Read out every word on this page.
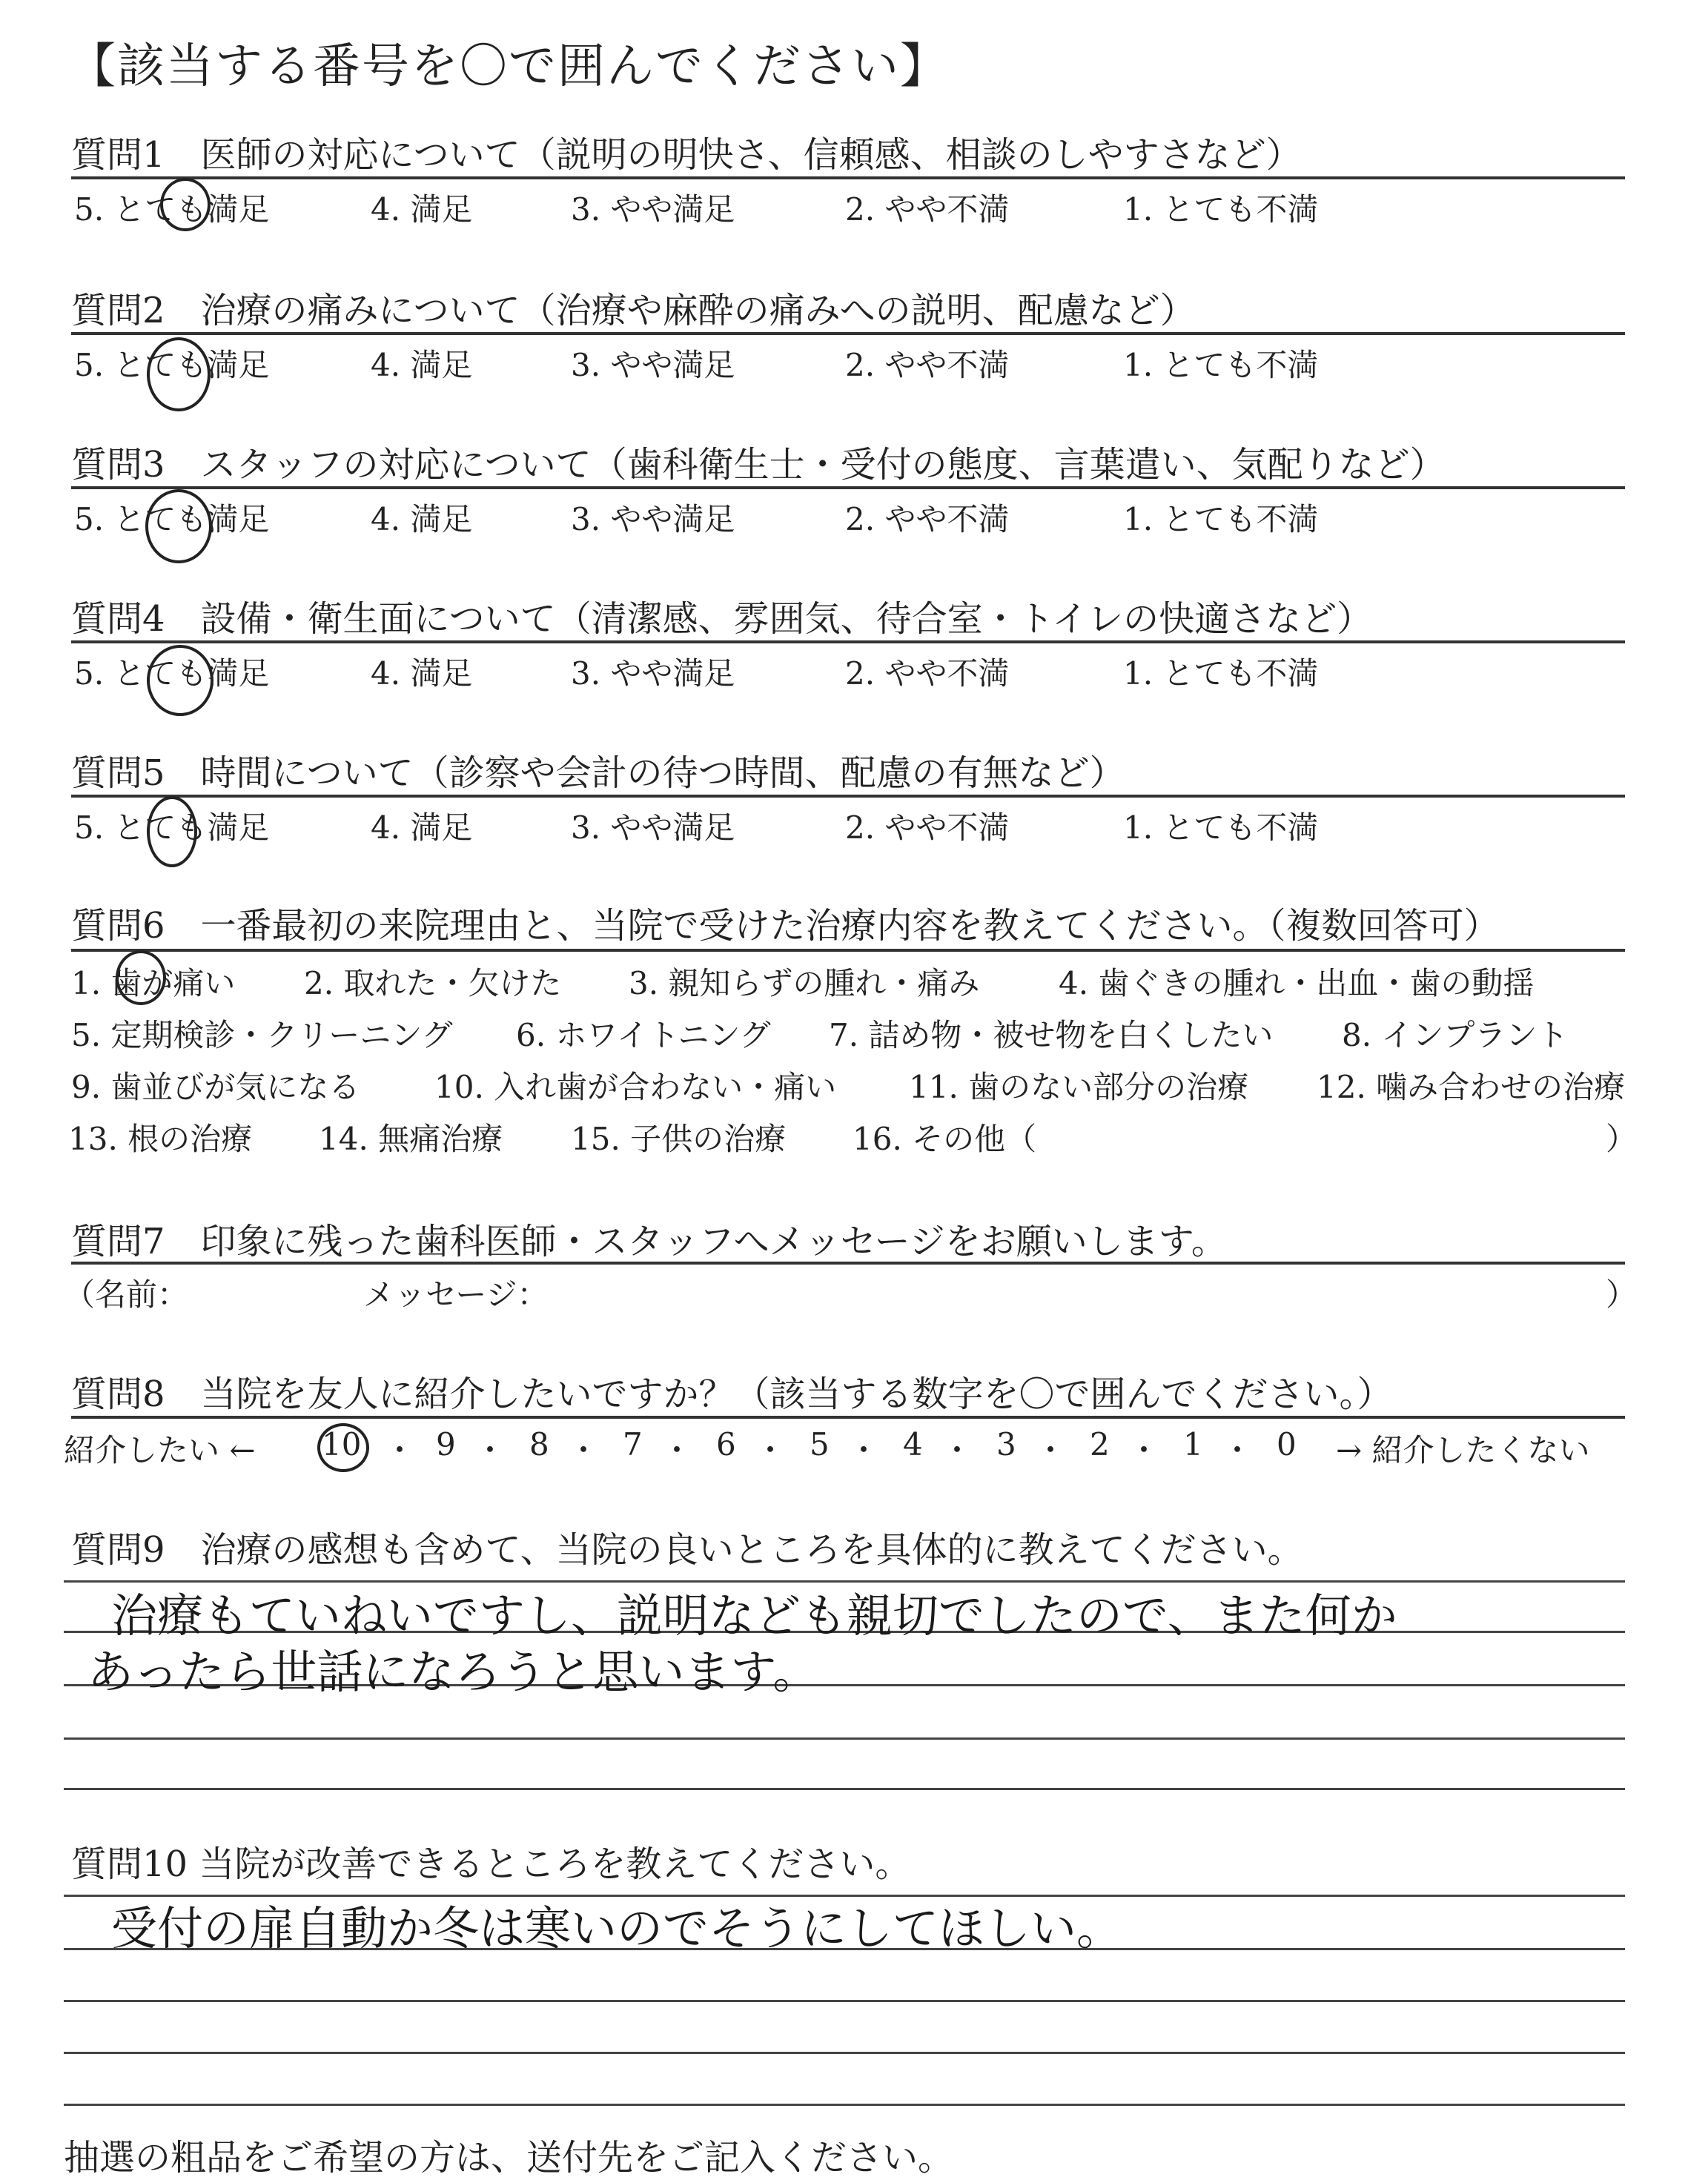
【該当する番号を〇で囲んでください】
質問1　医師の対応について（説明の明快さ、信頼感、相談のしやすさなど）
5. とても満足	4. 満足	3. やや満足	2. やや不満	1. とても不満
質問2　治療の痛みについて（治療や麻酔の痛みへの説明、配慮など）
5. とても満足	4. 満足	3. やや満足	2. やや不満	1. とても不満
質問3　スタッフの対応について（歯科衛生士・受付の態度、言葉遣い、気配りなど）
5. とても満足	4. 満足	3. やや満足	2. やや不満	1. とても不満
質問4　設備・衛生面について（清潔感、雰囲気、待合室・トイレの快適さなど）
5. とても満足	4. 満足	3. やや満足	2. やや不満	1. とても不満
質問5　時間について（診察や会計の待つ時間、配慮の有無など）
5. とても満足	4. 満足	3. やや満足	2. やや不満	1. とても不満
質問6　一番最初の来院理由と、当院で受けた治療内容を教えてください。（複数回答可）
1. 歯が痛い 2. 取れた・欠けた 3. 親知らずの腫れ・痛み	4. 歯ぐきの腫れ・出血・歯の動揺
5. 定期検診・クリーニング 6. ホワイトニング 7. 詰め物・被せ物を白くしたい 8. インプラント
9. 歯並びが気になる 10. 入れ歯が合わない・痛い 11. 歯のない部分の治療 12. 噛み合わせの治療
13. 根の治療 14. 無痛治療 15. 子供の治療 16. その他（	）
質問7　印象に残った歯科医師・スタッフへメッセージをお願いします。
（名前：	メッセージ：	）
質問8　当院を友人に紹介したいですか？（該当する数字を〇で囲んでください。）
紹介したい ← 10 ・ 9 ・ 8 ・ 7 ・ 6 ・ 5 ・ 4 ・ 3 ・ 2 ・ 1 ・ 0 → 紹介したくない
質問9　治療の感想も含めて、当院の良いところを具体的に教えてください。
治療もていねいですし、説明なども親切でしたので、また何か
あったら世話になろうと思います。
質問10 当院が改善できるところを教えてください。
受付の扉自動か冬は寒いのでそうにしてほしい。
抽選の粗品をご希望の方は、送付先をご記入ください。
